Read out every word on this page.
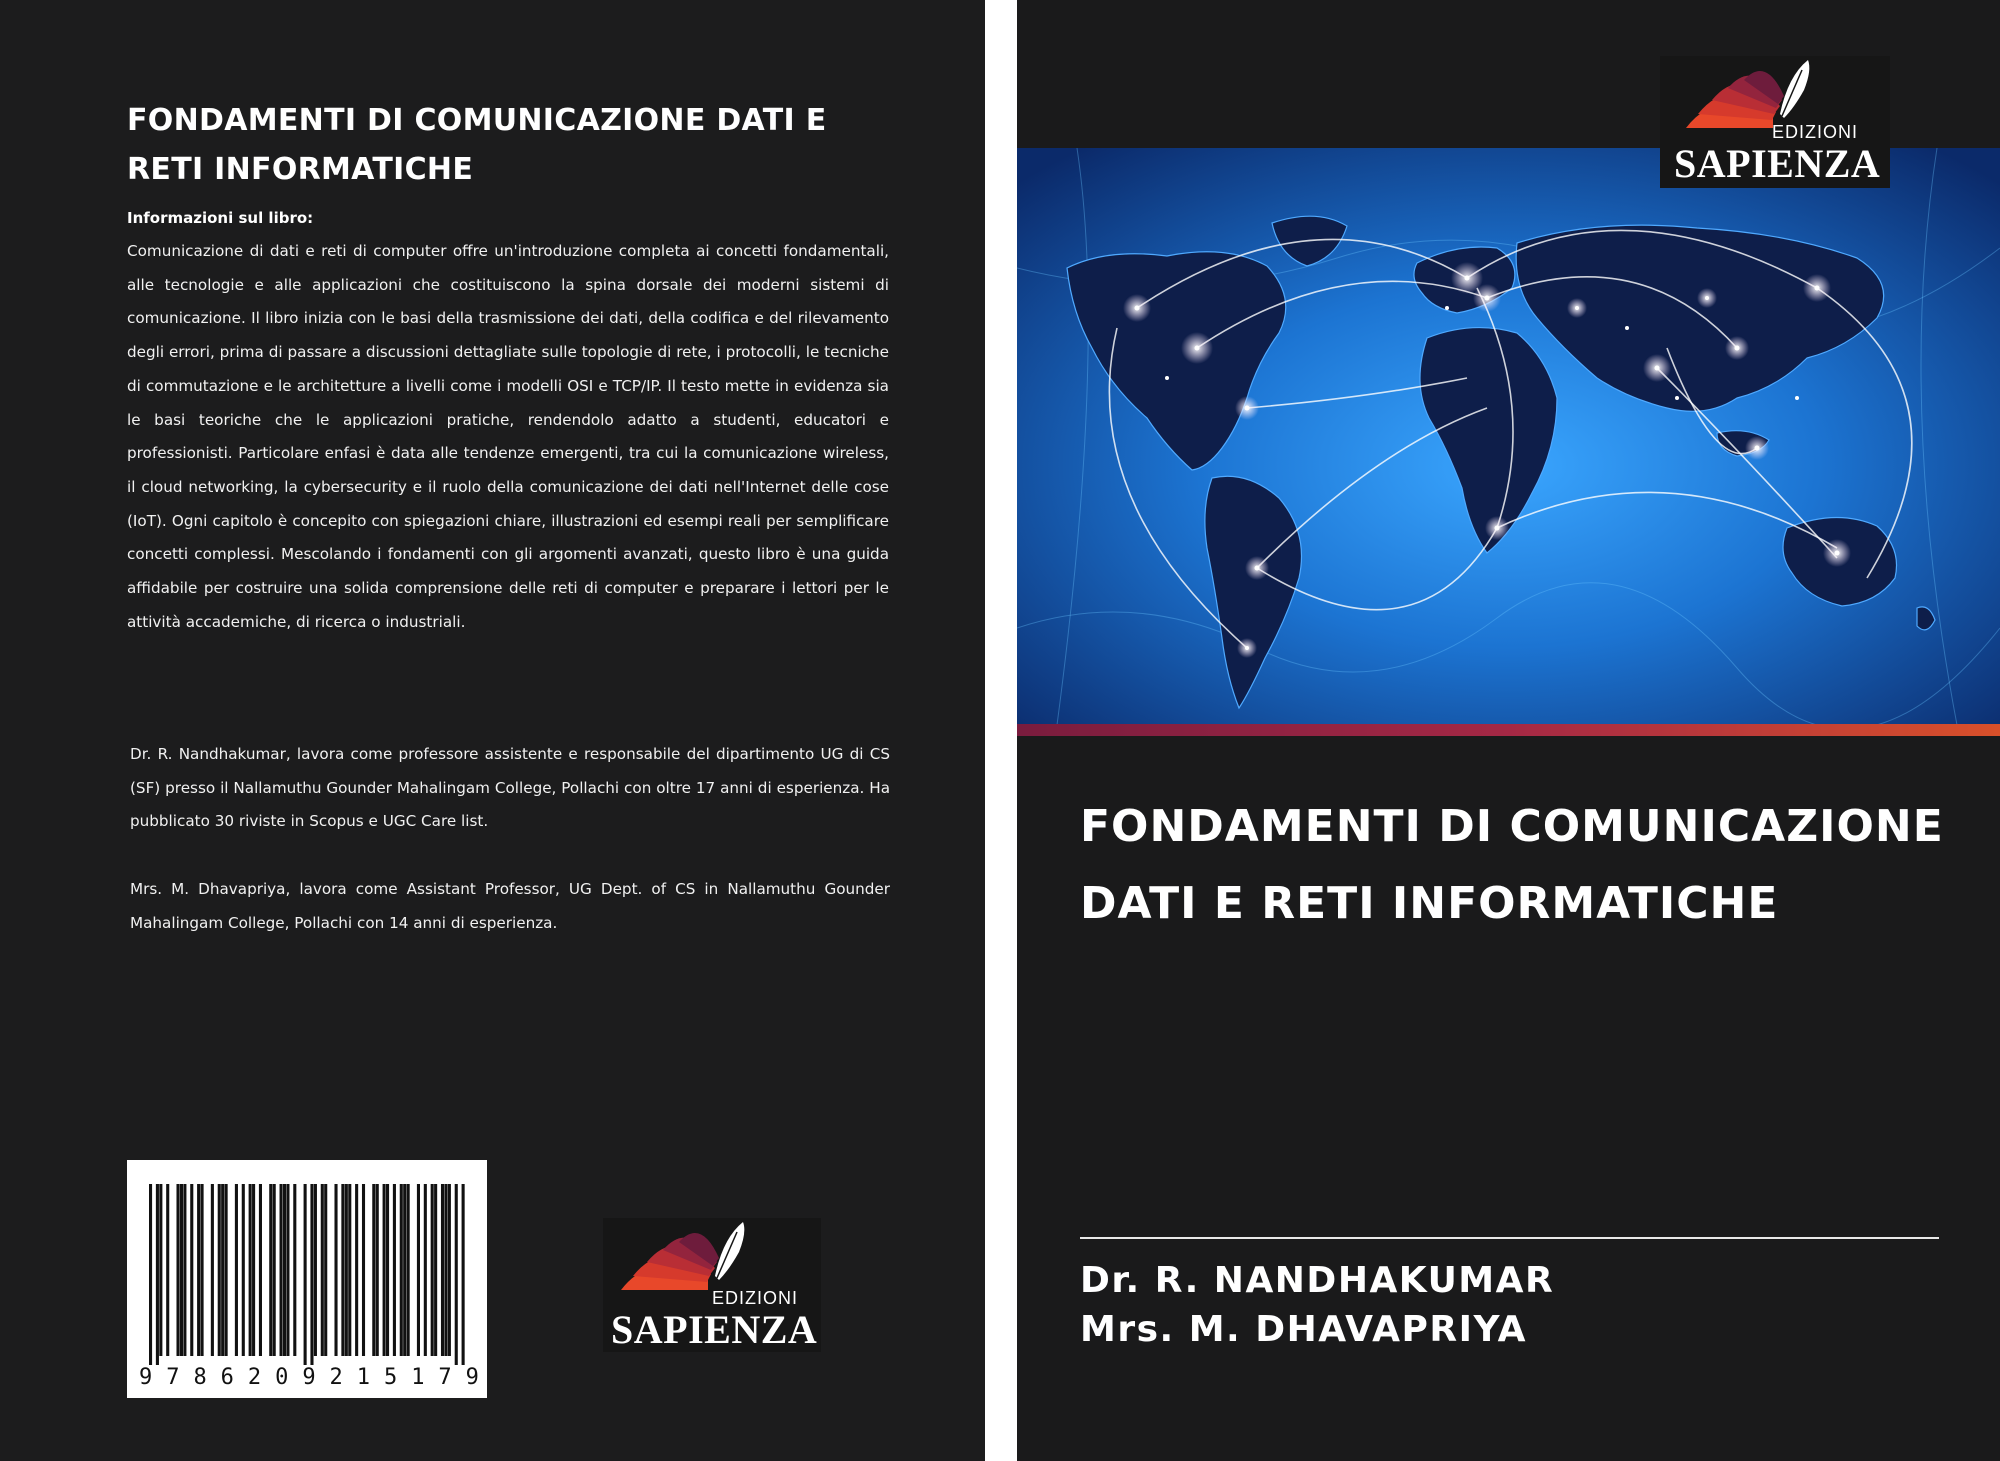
FONDAMENTI DI COMUNICAZIONE DATI E RETI INFORMATICHE

Informazioni sul libro:

Comunicazione di dati e reti di computer offre un'introduzione completa ai concetti fondamentali, alle tecnologie e alle applicazioni che costituiscono la spina dorsale dei moderni sistemi di comunicazione. Il libro inizia con le basi della trasmissione dei dati, della codifica e del rilevamento degli errori, prima di passare a discussioni dettagliate sulle topologie di rete, i protocolli, le tecniche di commutazione e le architetture a livelli come i modelli OSI e TCP/IP. Il testo mette in evidenza sia le basi teoriche che le applicazioni pratiche, rendendolo adatto a studenti, educatori e professionisti. Particolare enfasi è data alle tendenze emergenti, tra cui la comunicazione wireless, il cloud networking, la cybersecurity e il ruolo della comunicazione dei dati nell'Internet delle cose (IoT). Ogni capitolo è concepito con spiegazioni chiare, illustrazioni ed esempi reali per semplificare concetti complessi. Mescolando i fondamenti con gli argomenti avanzati, questo libro è una guida affidabile per costruire una solida comprensione delle reti di computer e preparare i lettori per le attività accademiche, di ricerca o industriali.

Dr. R. Nandhakumar, lavora come professore assistente e responsabile del dipartimento UG di CS (SF) presso il Nallamuthu Gounder Mahalingam College, Pollachi con oltre 17 anni di esperienza. Ha pubblicato 30 riviste in Scopus e UGC Care list.

Mrs. M. Dhavapriya, lavora come Assistant Professor, UG Dept. of CS in Nallamuthu Gounder Mahalingam College, Pollachi con 14 anni di esperienza.

9 7 8 6 2 0 9 2 1 5 1 7 9
EDIZIONI
SAPIENZA
EDIZIONI
SAPIENZA
FONDAMENTI DI COMUNICAZIONE DATI E RETI INFORMATICHE

Dr. R. NANDHAKUMAR

Mrs. M. DHAVAPRIYA
